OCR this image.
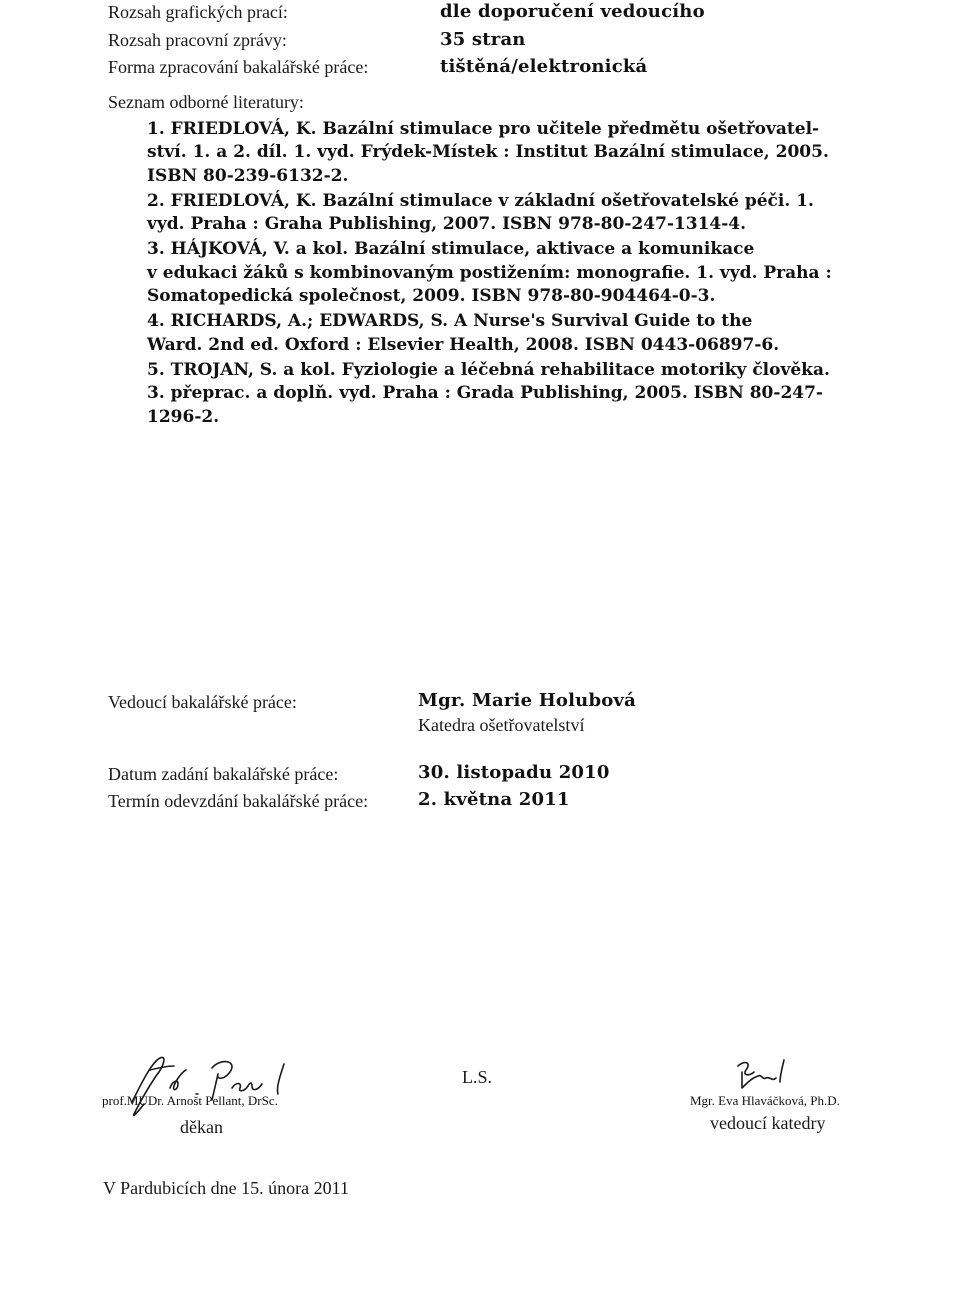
Rozsah grafických prací:	dle doporučení vedoucího
Rozsah pracovní zprávy:	35 stran
Forma zpracování bakalářské práce:	tištěná/elektronická
Seznam odborné literatury:

1. FRIEDLOVÁ, K. Bazální stimulace pro učitele předmětu ošetřovatel-

ství. 1. a 2. díl. 1. vyd. Frýdek-Místek : Institut Bazální stimulace, 2005.

ISBN 80-239-6132-2.

2. FRIEDLOVÁ, K. Bazální stimulace v základní ošetřovatelské péči. 1.

vyd. Praha : Graha Publishing, 2007. ISBN 978-80-247-1314-4.

3. HÁJKOVÁ, V. a kol. Bazální stimulace, aktivace a komunikace

v edukaci žáků s kombinovaným postižením: monografie. 1. vyd. Praha :

Somatopedická společnost, 2009. ISBN 978-80-904464-0-3.

4. RICHARDS, A.; EDWARDS, S. A Nurse's Survival Guide to the

Ward. 2nd ed. Oxford : Elsevier Health, 2008. ISBN 0443-06897-6.

5. TROJAN, S. a kol. Fyziologie a léčebná rehabilitace motoriky člověka.

3. přeprac. a doplň. vyd. Praha : Grada Publishing, 2005. ISBN 80-247-

1296-2.

Vedoucí bakalářské práce:	Mgr. Marie Holubová
Katedra ošetřovatelství
Datum zadání bakalářské práce:	30. listopadu 2010
Termín odevzdání bakalářské práce:	2. května 2011
prof.MUDr. Arnošt Pellant, DrSc.
děkan
L.S.
Mgr. Eva Hlaváčková, Ph.D.
vedoucí katedry
V Pardubicích dne 15. února 2011
